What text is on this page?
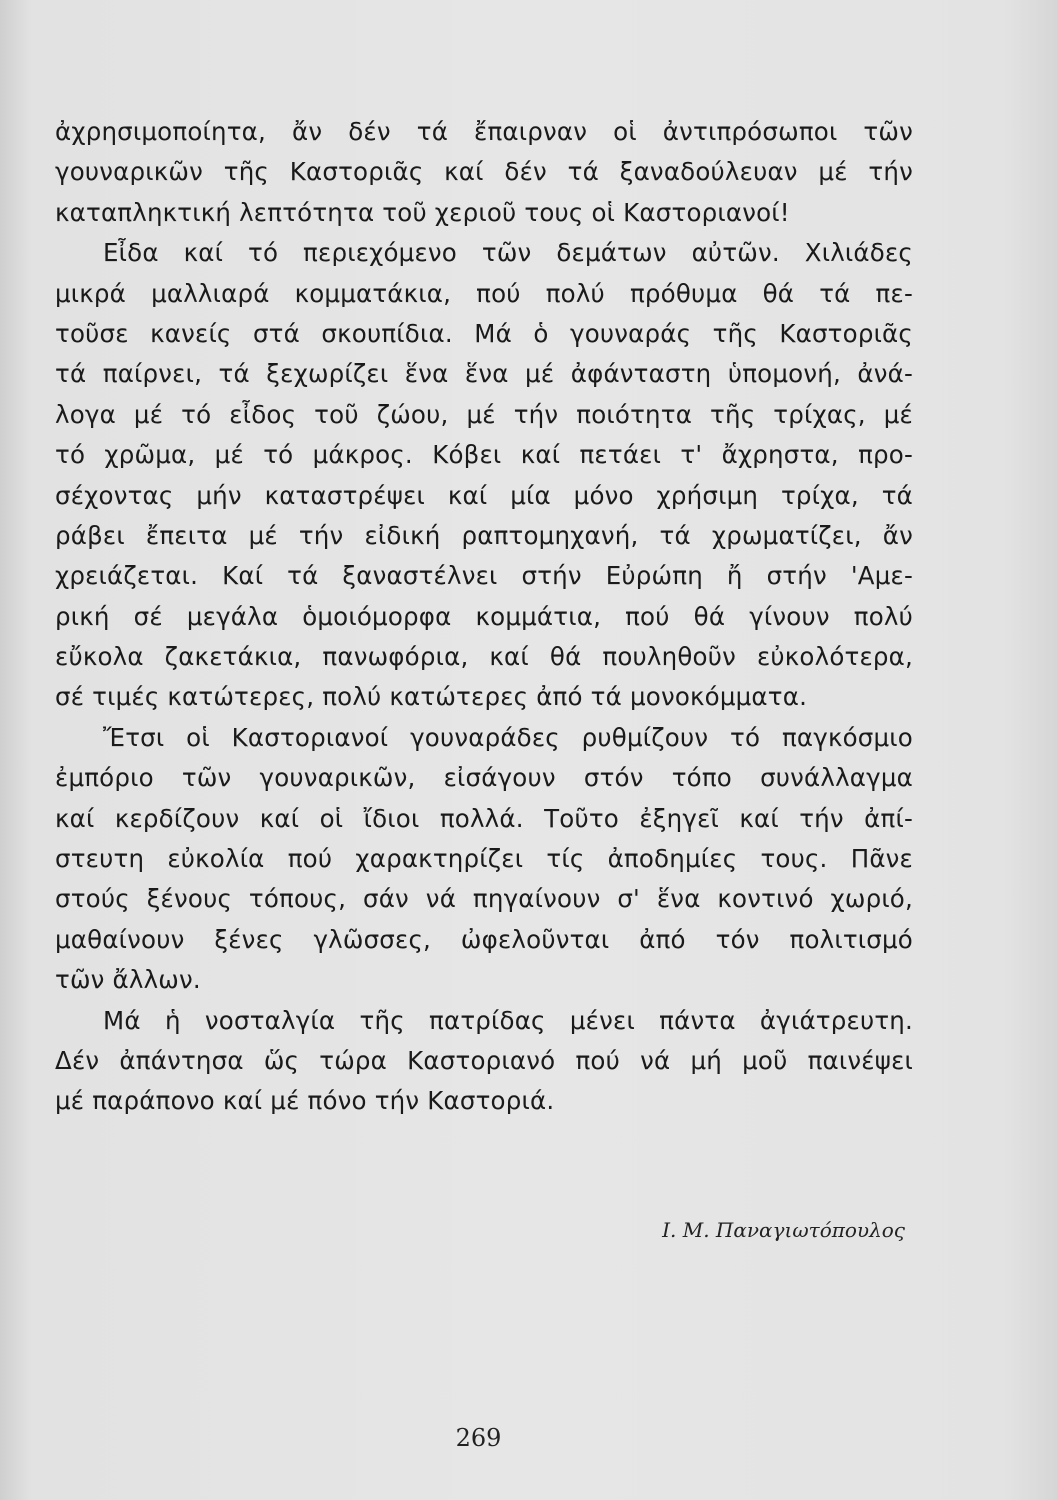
ἀχρησιμοποίητα, ἄν δέν τά ἔπαιρναν οἱ ἀντιπρόσωποι τῶν
γουναρικῶν τῆς Καστοριᾶς καί δέν τά ξαναδούλευαν μέ τήν
καταπληκτική λεπτότητα τοῦ χεριοῦ τους οἱ Καστοριανοί!
Εἶδα καί τό περιεχόμενο τῶν δεμάτων αὐτῶν. Χιλιάδες
μικρά μαλλιαρά κομματάκια, πού πολύ πρόθυμα θά τά πε-
τοῦσε κανείς στά σκουπίδια. Μά ὁ γουναράς τῆς Καστοριᾶς
τά παίρνει, τά ξεχωρίζει ἕνα ἕνα μέ ἀφάνταστη ὑπομονή, ἀνά-
λογα μέ τό εἶδος τοῦ ζώου, μέ τήν ποιότητα τῆς τρίχας, μέ
τό χρῶμα, μέ τό μάκρος. Κόβει καί πετάει τ' ἄχρηστα, προ-
σέχοντας μήν καταστρέψει καί μία μόνο χρήσιμη τρίχα, τά
ράβει ἔπειτα μέ τήν εἰδική ραπτομηχανή, τά χρωματίζει, ἄν
χρειάζεται. Καί τά ξαναστέλνει στήν Εὐρώπη ἤ στήν 'Αμε-
ρική σέ μεγάλα ὁμοιόμορφα κομμάτια, πού θά γίνουν πολύ
εὔκολα ζακετάκια, πανωφόρια, καί θά πουληθοῦν εὐκολότερα,
σέ τιμές κατώτερες, πολύ κατώτερες ἀπό τά μονοκόμματα.
Ἔτσι οἱ Καστοριανοί γουναράδες ρυθμίζουν τό παγκόσμιο
ἐμπόριο τῶν γουναρικῶν, εἰσάγουν στόν τόπο συνάλλαγμα
καί κερδίζουν καί οἱ ἴδιοι πολλά. Τοῦτο ἐξηγεῖ καί τήν ἀπί-
στευτη εὐκολία πού χαρακτηρίζει τίς ἀποδημίες τους. Πᾶνε
στούς ξένους τόπους, σάν νά πηγαίνουν σ' ἕνα κοντινό χωριό,
μαθαίνουν ξένες γλῶσσες, ὠφελοῦνται ἀπό τόν πολιτισμό
τῶν ἄλλων.
Μά ἡ νοσταλγία τῆς πατρίδας μένει πάντα ἀγιάτρευτη.
Δέν ἀπάντησα ὥς τώρα Καστοριανό πού νά μή μοῦ παινέψει
μέ παράπονο καί μέ πόνο τήν Καστοριά.
Ι. Μ. Παναγιωτόπουλος
269
